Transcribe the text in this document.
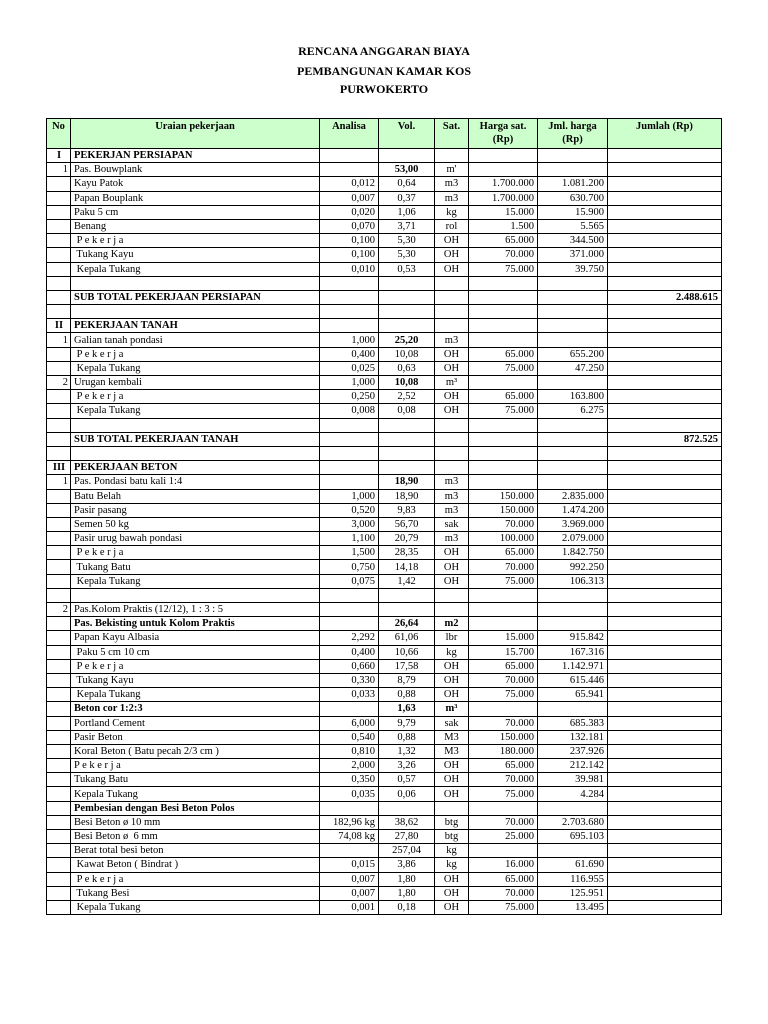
RENCANA ANGGARAN BIAYA
PEMBANGUNAN KAMAR KOS
PURWOKERTO
No	Uraian pekerjaan	Analisa	Vol.	Sat.	Harga sat. (Rp)	Jml. harga (Rp)	Jumlah (Rp)
I	PEKERJAN PERSIAPAN						
1	Pas. Bouwplank		53,00	m'			
	Kayu Patok	0,012	0,64	m3	1.700.000	1.081.200	
	Papan Bouplank	0,007	0,37	m3	1.700.000	630.700	
	Paku 5 cm	0,020	1,06	kg	15.000	15.900	
	Benang	0,070	3,71	rol	1.500	5.565	
	P e k e r j a	0,100	5,30	OH	65.000	344.500	
	Tukang Kayu	0,100	5,30	OH	70.000	371.000	
	Kepala Tukang	0,010	0,53	OH	75.000	39.750	

	SUB TOTAL PEKERJAAN PERSIAPAN						2.488.615

II	PEKERJAAN TANAH						
1	Galian tanah pondasi	1,000	25,20	m3			
	P e k e r j a	0,400	10,08	OH	65.000	655.200	
	Kepala Tukang	0,025	0,63	OH	75.000	47.250	
2	Urugan kembali	1,000	10,08	m³			
	P e k e r j a	0,250	2,52	OH	65.000	163.800	
	Kepala Tukang	0,008	0,08	OH	75.000	6.275	

	SUB TOTAL PEKERJAAN TANAH						872.525

III	PEKERJAAN BETON						
1	Pas. Pondasi batu kali 1:4		18,90	m3			
	Batu Belah	1,000	18,90	m3	150.000	2.835.000	
	Pasir pasang	0,520	9,83	m3	150.000	1.474.200	
	Semen 50 kg	3,000	56,70	sak	70.000	3.969.000	
	Pasir urug bawah pondasi	1,100	20,79	m3	100.000	2.079.000	
	P e k e r j a	1,500	28,35	OH	65.000	1.842.750	
	Tukang Batu	0,750	14,18	OH	70.000	992.250	
	Kepala Tukang	0,075	1,42	OH	75.000	106.313	

2	Pas.Kolom Praktis (12/12), 1 : 3 : 5						
	Pas. Bekisting untuk Kolom Praktis		26,64	m2			
	Papan Kayu Albasia	2,292	61,06	lbr	15.000	915.842	
	Paku 5 cm 10 cm	0,400	10,66	kg	15.700	167.316	
	P e k e r j a	0,660	17,58	OH	65.000	1.142.971	
	Tukang Kayu	0,330	8,79	OH	70.000	615.446	
	Kepala Tukang	0,033	0,88	OH	75.000	65.941	
	Beton cor 1:2:3		1,63	m³			
	Portland Cement	6,000	9,79	sak	70.000	685.383	
	Pasir Beton	0,540	0,88	M3	150.000	132.181	
	Koral Beton ( Batu pecah 2/3 cm )	0,810	1,32	M3	180.000	237.926	
	P e k e r j a	2,000	3,26	OH	65.000	212.142	
	Tukang Batu	0,350	0,57	OH	70.000	39.981	
	Kepala Tukang	0,035	0,06	OH	75.000	4.284	
	Pembesian dengan Besi Beton Polos						
	Besi Beton ø 10 mm	182,96 kg	38,62	btg	70.000	2.703.680	
	Besi Beton ø  6 mm	74,08 kg	27,80	btg	25.000	695.103	
	Berat total besi beton		257,04	kg			
	Kawat Beton ( Bindrat )	0,015	3,86	kg	16.000	61.690	
	P e k e r j a	0,007	1,80	OH	65.000	116.955	
	Tukang Besi	0,007	1,80	OH	70.000	125.951	
	Kepala Tukang	0,001	0,18	OH	75.000	13.495	
